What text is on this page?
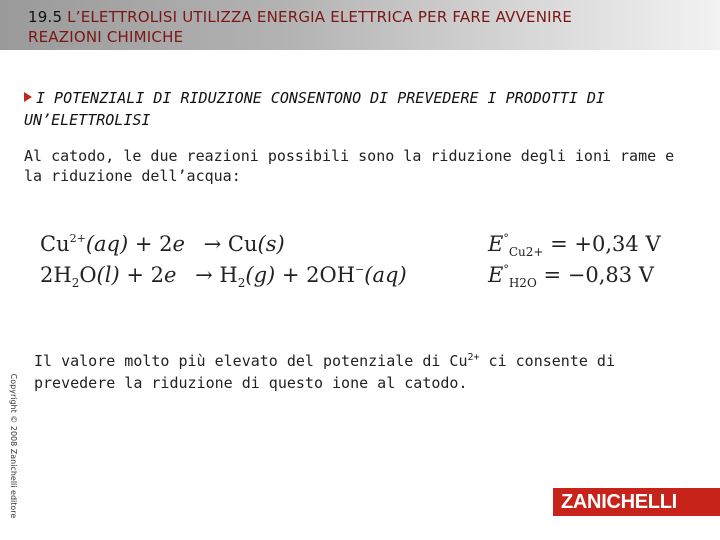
19.5 L’ELETTROLISI UTILIZZA ENERGIA ELETTRICA PER FARE AVVENIRE REAZIONI CHIMICHE
I POTENZIALI DI RIDUZIONE CONSENTONO DI PREVEDERE I PRODOTTI DI UN’ELETTROLISI
Al catodo, le due reazioni possibili sono la riduzione degli ioni rame e la riduzione dell’acqua:
$Cu^{2+}(aq) + 2e \to Cu(s)$	$E^\circ_{Cu2+} = +0,34$ V
$2H_2O(l) + 2e \to H_2(g) + 2OH^-(aq)$	$E^\circ_{H2O} = -0,83$ V
Il valore molto più elevato del potenziale di $Cu^{2+}$ ci consente di prevedere la riduzione di questo ione al catodo.
Copyright © 2008 Zanichelli editore	ZANICHELLI
